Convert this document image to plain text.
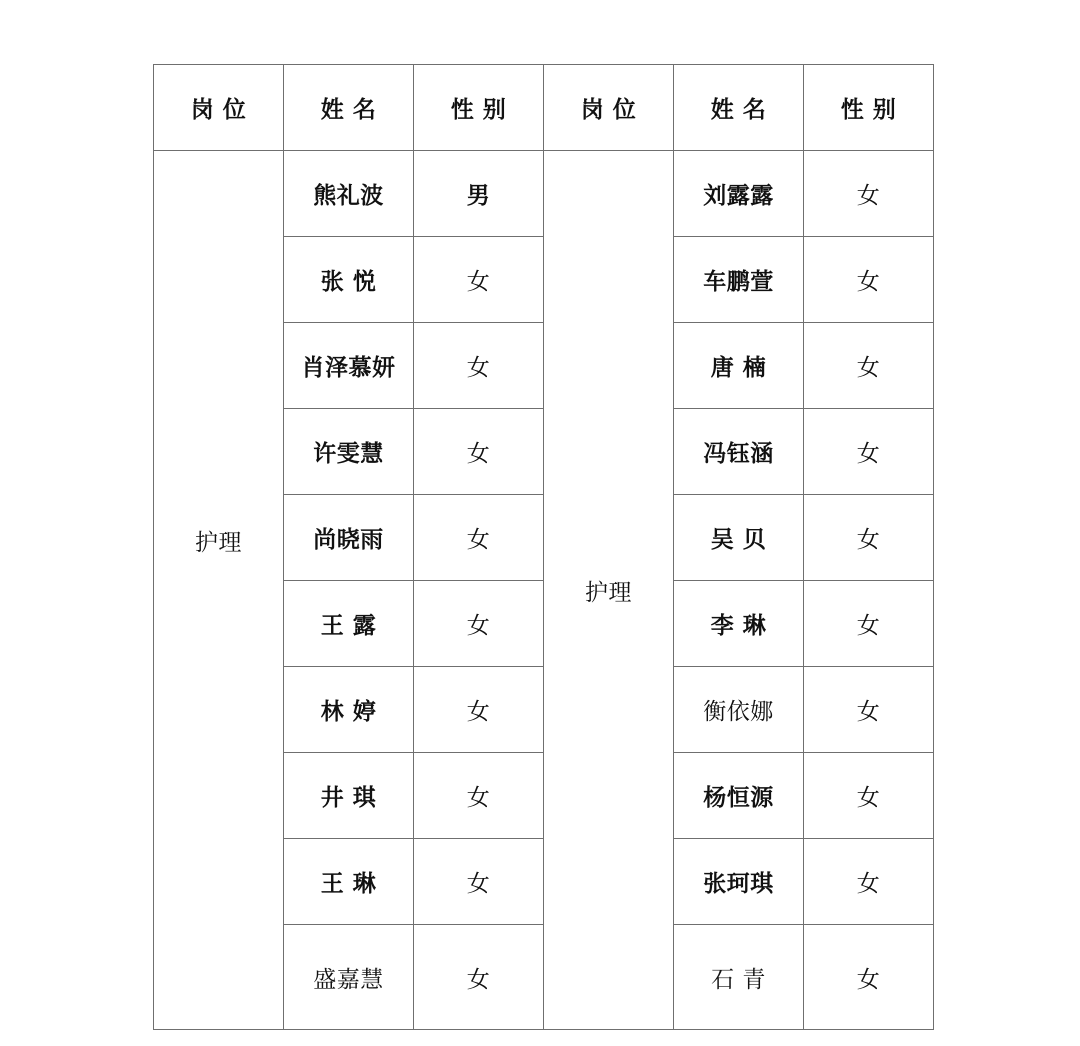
岗 位	姓 名	性 别	岗 位	姓 名	性 别
护理	熊礼波	男	护理	刘露露	女
	张 悦	女		车鹏萱	女
	肖泽慕妍	女		唐 楠	女
	许雯慧	女		冯钰涵	女
	尚晓雨	女		吴 贝	女
	王 露	女		李 琳	女
	林 婷	女		衡依娜	女
	井 琪	女		杨恒源	女
	王 琳	女		张珂琪	女
	盛嘉慧	女		石 青	女
